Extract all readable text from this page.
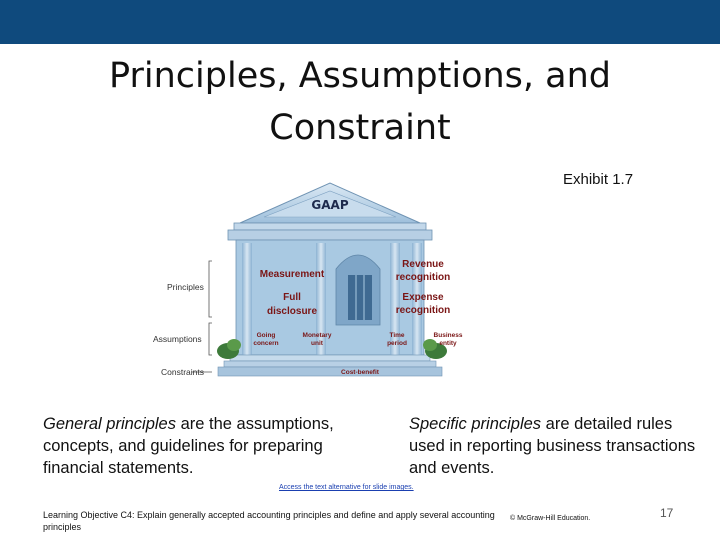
Principles, Assumptions, and
Constraint
Exhibit 1.7
Principles
Assumptions
Constraints
GAAP
Measurement
Full
disclosure
Revenue
recognition
Expense
recognition
Going
concern
Monetary
unit
Time
period
Business
entity
Cost-benefit

General principles are the assumptions, concepts, and guidelines for preparing financial statements.

Specific principles are detailed rules used in reporting business transactions and events.

Access the text alternative for slide images.
Learning Objective C4: Explain generally accepted accounting principles and define and apply several accounting principles
© McGraw-Hill Education.	17
